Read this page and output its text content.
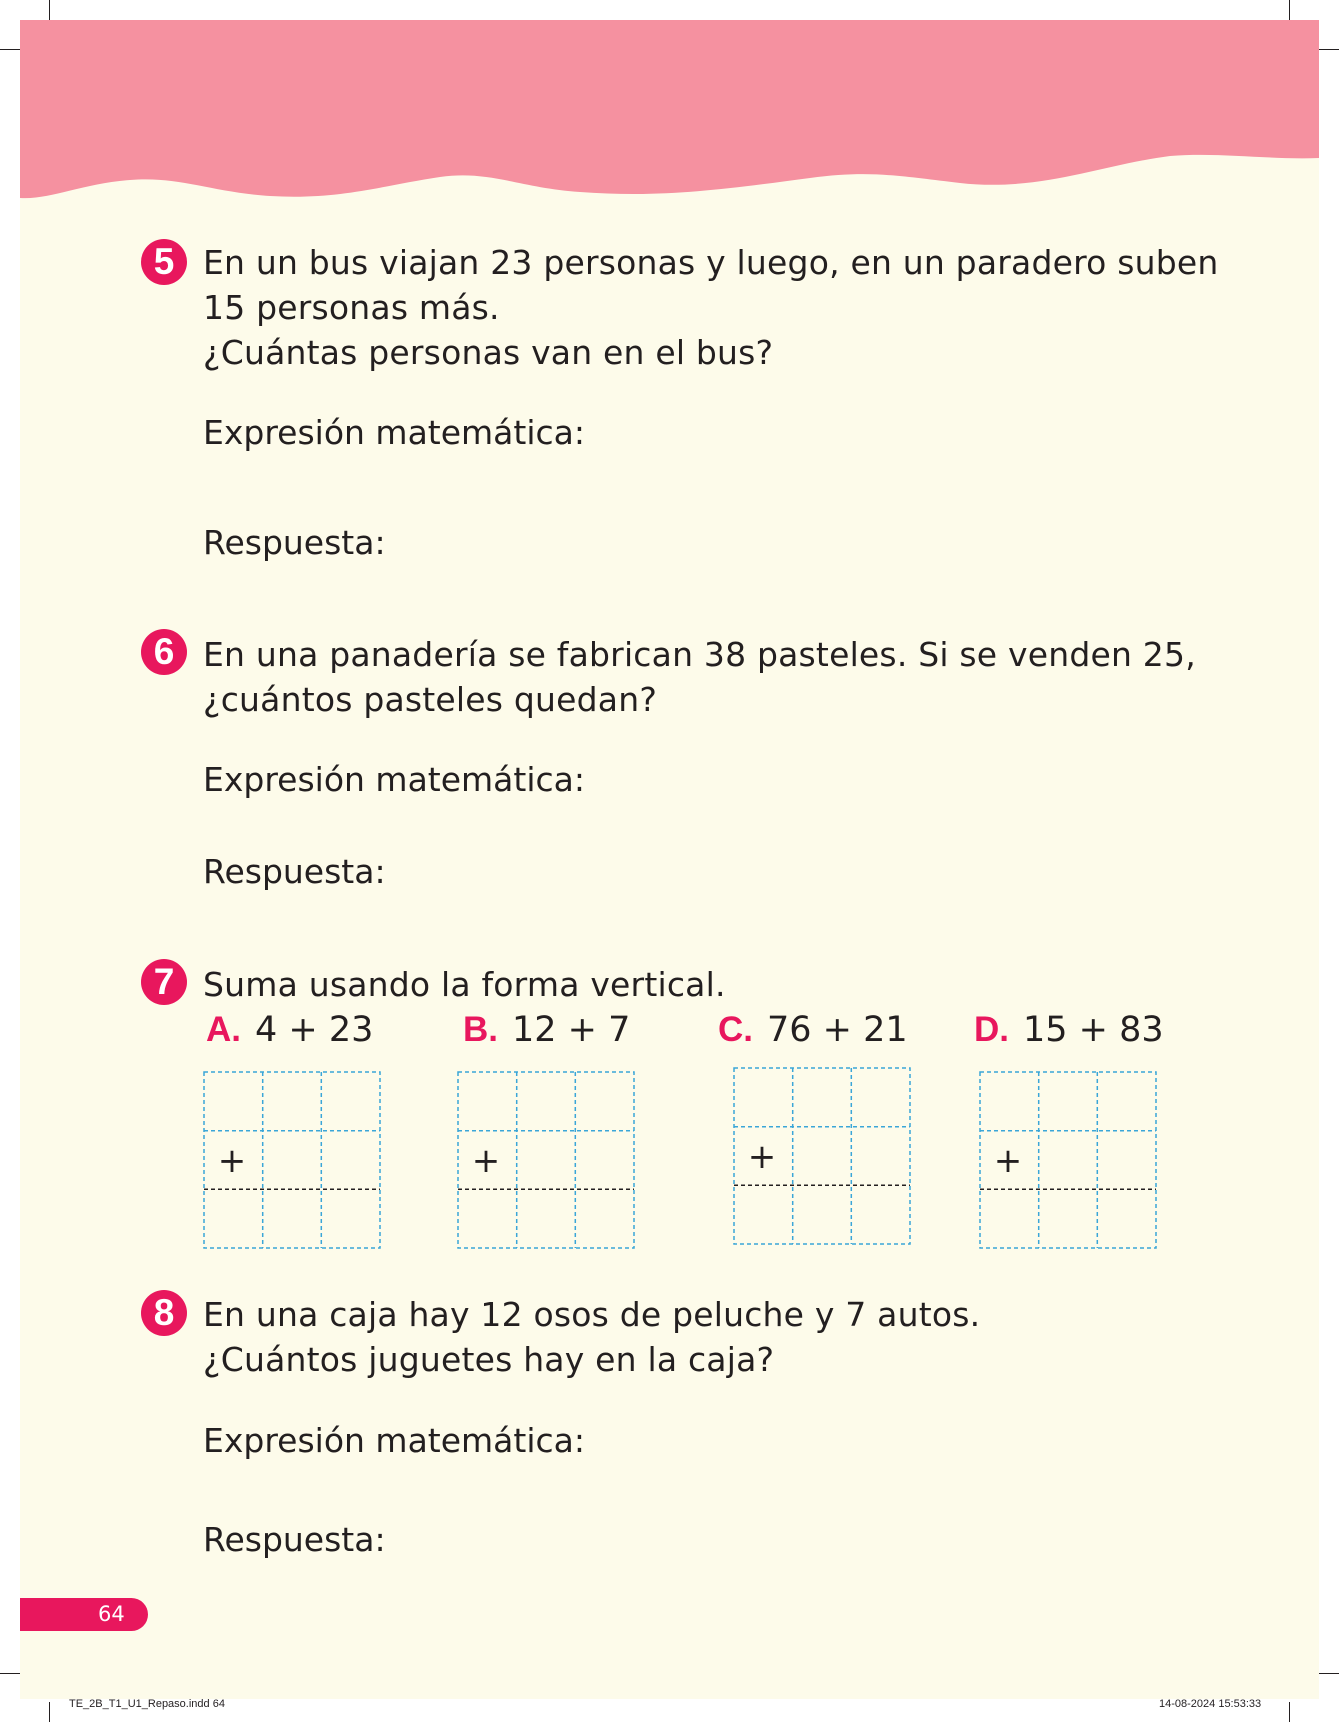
5 En un bus viajan 23 personas y luego, en un paradero suben
15 personas más.
¿Cuántas personas van en el bus?
Expresión matemática:
Respuesta:
6 En una panadería se fabrican 38 pasteles. Si se venden 25,
¿cuántos pasteles quedan?
Expresión matemática:
Respuesta:
7 Suma usando la forma vertical.
A. 4 + 23	B. 12 + 7	C. 76 + 21 D. 15 + 83
+	+	+	+
8 En una caja hay 12 osos de peluche y 7 autos.
¿Cuántos juguetes hay en la caja?
Expresión matemática:
Respuesta:
64
TE_2B_T1_U1_Repaso.indd 64	14-08-2024 15:53:33
